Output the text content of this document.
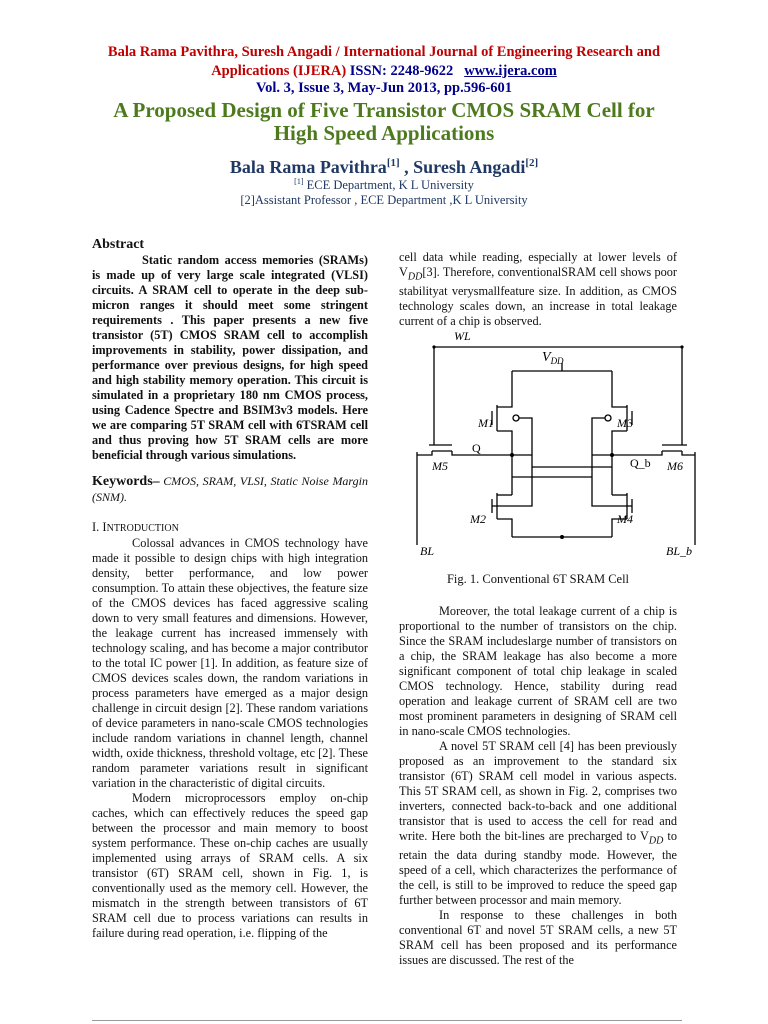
Bala Rama Pavithra, Suresh Angadi / International Journal of Engineering Research and
Applications (IJERA) ISSN: 2248-9622 www.ijera.com
Vol. 3, Issue 3, May-Jun 2013, pp.596-601
A Proposed Design of Five Transistor CMOS SRAM Cell for
High Speed Applications
Bala Rama Pavithra[1] , Suresh Angadi[2]
[1] ECE Department, K L University
[2]Assistant Professor , ECE Department ,K L University
Abstract
Static random access memories (SRAMs) is made up of very large scale integrated (VLSI) circuits. A SRAM cell to operate in the deep sub-micron ranges it should meet some stringent requirements . This paper presents a new five transistor (5T) CMOS SRAM cell to accomplish improvements in stability, power dissipation, and performance over previous designs, for high speed and high stability memory operation. This circuit is simulated in a proprietary 180 nm CMOS process, using Cadence Spectre and BSIM3v3 models. Here we are comparing 5T SRAM cell with 6TSRAM cell and thus proving how 5T SRAM cells are more beneficial through various simulations.
Keywords– CMOS, SRAM, VLSI, Static Noise Margin (SNM).
I. INTRODUCTION
Colossal advances in CMOS technology have made it possible to design chips with high integration density, better performance, and low power consumption. To attain these objectives, the feature size of the CMOS devices has faced aggressive scaling down to very small features and dimensions. However, the leakage current has increased immensely with technology scaling, and has become a major contributor to the total IC power [1]. In addition, as feature size of CMOS devices scales down, the random variations in process parameters have emerged as a major design challenge in circuit design [2]. These random variations of device parameters in nano-scale CMOS technologies include random variations in channel length, channel width, oxide thickness, threshold voltage, etc [2]. These random parameter variations result in significant variation in the characteristic of digital circuits.
Modern microprocessors employ on-chip caches, which can effectively reduces the speed gap between the processor and main memory to boost system performance. These on-chip caches are usually implemented using arrays of SRAM cells. A six transistor (6T) SRAM cell, shown in Fig. 1, is conventionally used as the memory cell. However, the mismatch in the strength between transistors of 6T SRAM cell due to process variations can results in failure during read operation, i.e. flipping of the
cell data while reading, especially at lower levels of $V_{DD}[3]$. Therefore, conventionalSRAM cell shows poor stabilityat verysmallfeature size. In addition, as CMOS technology scales down, an increase in total leakage current of a chip is observed.
WL
$V_{DD}$
M1	M3
M2	M4
M5	M6
Q
Q_b
BL	BL_b
Fig. 1. Conventional 6T SRAM Cell
Moreover, the total leakage current of a chip is proportional to the number of transistors on the chip. Since the SRAM includeslarge number of transistors on a chip, the SRAM leakage has also become a more significant component of total chip leakage in scaled CMOS technology. Hence, stability during read operation and leakage current of SRAM cell are two most prominent parameters in designing of SRAM cell in nano-scale CMOS technologies.
A novel 5T SRAM cell [4] has been previously proposed as an improvement to the standard six transistor (6T) SRAM cell model in various aspects. This 5T SRAM cell, as shown in Fig. 2, comprises two inverters, connected back-to-back and one additional transistor that is used to access the cell for read and write. Here both the bit-lines are precharged to $V_{DD}$ to retain the data during standby mode. However, the speed of a cell, which characterizes the performance of the cell, is still to be improved to reduce the speed gap further between processor and main memory.
In response to these challenges in both conventional 6T and novel 5T SRAM cells, a new 5T SRAM cell has been proposed and its performance issues are discussed. The rest of the
